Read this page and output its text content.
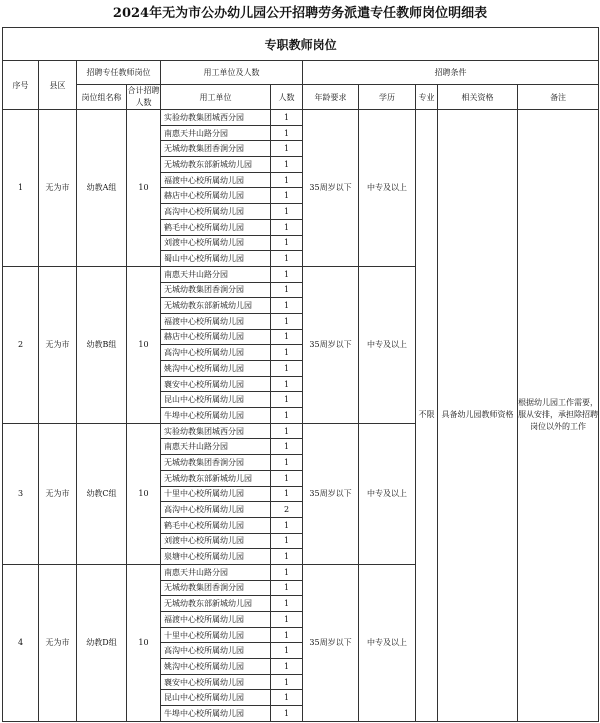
2024年无为市公办幼儿园公开招聘劳务派遣专任教师岗位明细表
专职教师岗位										
序号	县区	招聘专任教师岗位		用工单位及人数		招聘条件				
		岗位组名称	合计招聘人数	用工单位	人数	年龄要求	学历	专业	相关资格	备注
1	无为市	幼教A组	10	实验幼教集团城西分园	1	35周岁以下	中专及以上	不限	具备幼儿园教师资格	根据幼儿园工作需要，服从安排，承担除招聘岗位以外的工作
				南惠天井山路分园	1					
				无城幼教集团香涧分园	1					
				无城幼教东部新城幼儿园	1					
				福渡中心校所属幼儿园	1					
				赫店中心校所属幼儿园	1					
				高沟中心校所属幼儿园	1					
				鹤毛中心校所属幼儿园	1					
				刘渡中心校所属幼儿园	1					
				蜀山中心校所属幼儿园	1					
2	无为市	幼教B组	10	南惠天井山路分园	1	35周岁以下	中专及以上			
				无城幼教集团香涧分园	1					
				无城幼教东部新城幼儿园	1					
				福渡中心校所属幼儿园	1					
				赫店中心校所属幼儿园	1					
				高沟中心校所属幼儿园	1					
				姚沟中心校所属幼儿园	1					
				襄安中心校所属幼儿园	1					
				昆山中心校所属幼儿园	1					
				牛埠中心校所属幼儿园	1					
3	无为市	幼教C组	10	实验幼教集团城西分园	1	35周岁以下	中专及以上			
				南惠天井山路分园	1					
				无城幼教集团香涧分园	1					
				无城幼教东部新城幼儿园	1					
				十里中心校所属幼儿园	1					
				高沟中心校所属幼儿园	2					
				鹤毛中心校所属幼儿园	1					
				刘渡中心校所属幼儿园	1					
				泉塘中心校所属幼儿园	1					
4	无为市	幼教D组	10	南惠天井山路分园	1	35周岁以下	中专及以上			
				无城幼教集团香涧分园	1					
				无城幼教东部新城幼儿园	1					
				福渡中心校所属幼儿园	1					
				十里中心校所属幼儿园	1					
				高沟中心校所属幼儿园	1					
				姚沟中心校所属幼儿园	1					
				襄安中心校所属幼儿园	1					
				昆山中心校所属幼儿园	1					
				牛埠中心校所属幼儿园	1					
